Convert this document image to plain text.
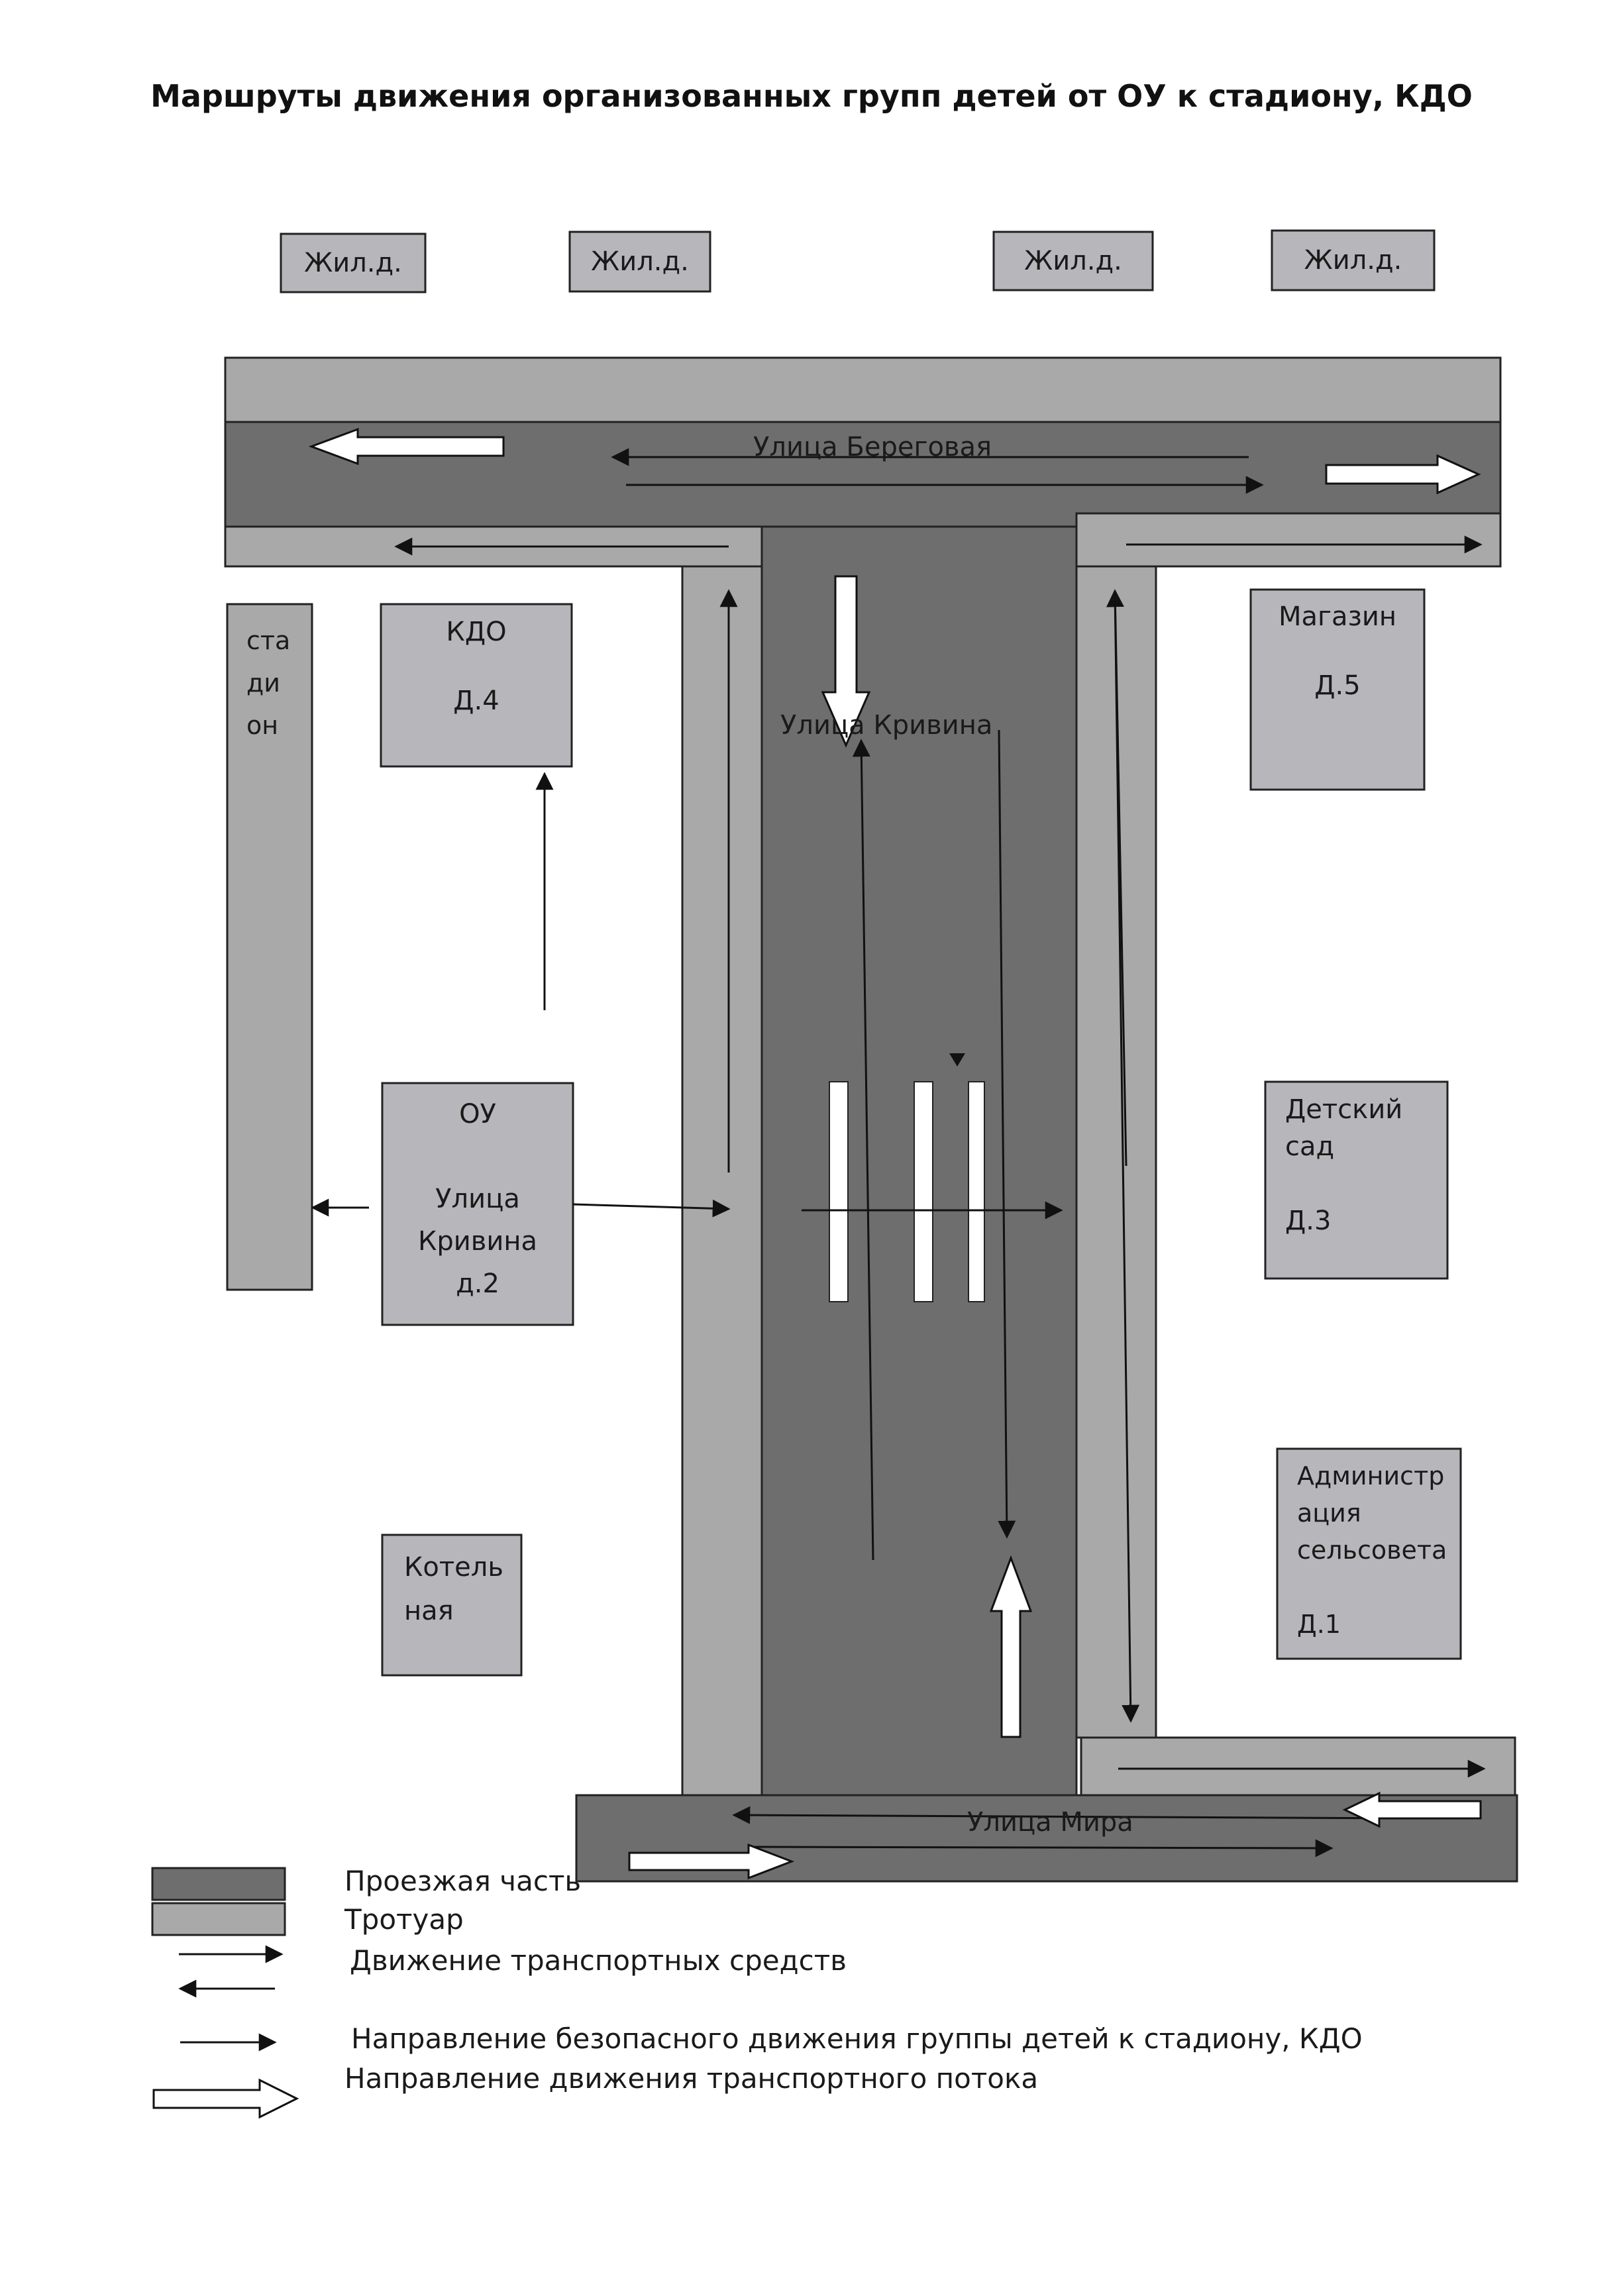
Маршруты движения организованных групп детей от ОУ к стадиону, КДО
Улица Береговая
Улица Кривина
Улица Мира
Жил.д.	Жил.д.	Жил.д.	Жил.д.
ста
ди
он
КДО

Д.4
ОУ

Улица
Кривина
д.2
Котель
ная
Магазин

Д.5
Детский
сад

Д.3
Администр
ация
сельсовета

Д.1
Проезжая часть
Тротуар
Движение транспортных средств
Направление безопасного движения группы детей к стадиону, КДО
Направление движения транспортного потока
